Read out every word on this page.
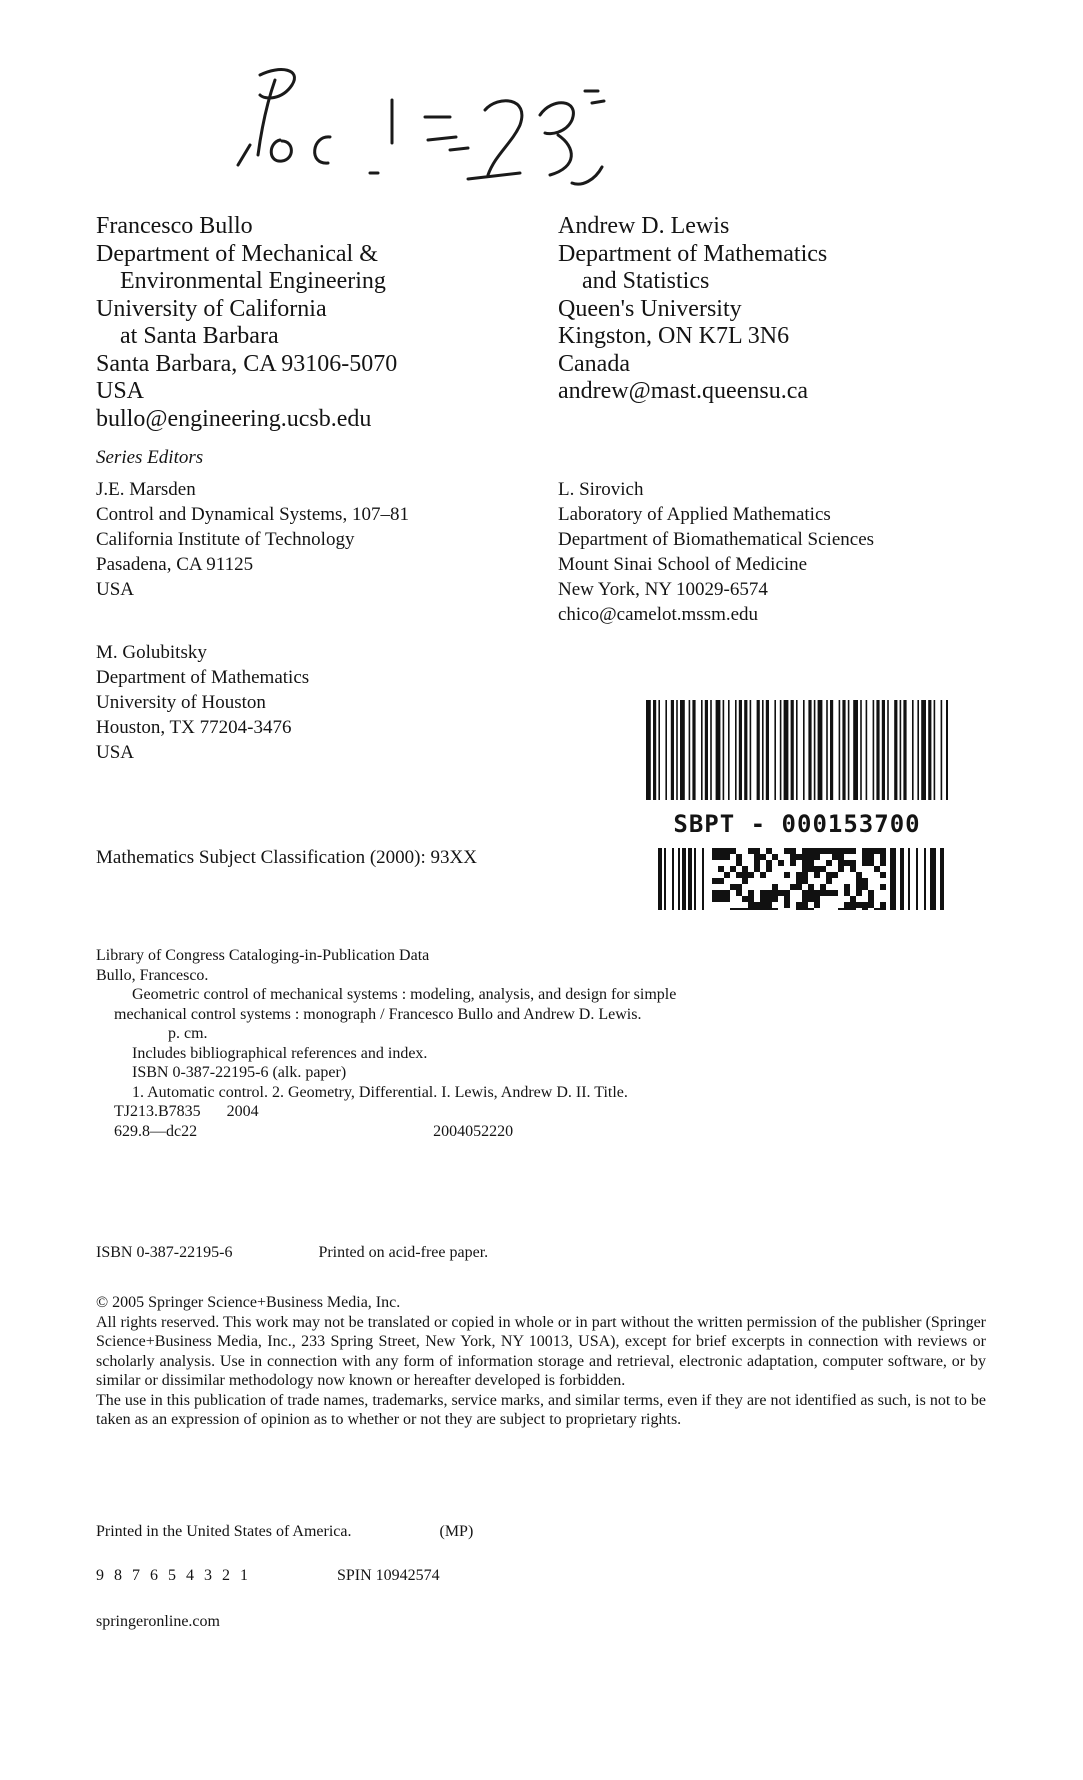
Francesco Bullo
Department of Mechanical &
Environmental Engineering
University of California
at Santa Barbara
Santa Barbara, CA 93106-5070
USA
bullo@engineering.ucsb.edu
Andrew D. Lewis
Department of Mathematics
and Statistics
Queen's University
Kingston, ON K7L 3N6
Canada
andrew@mast.queensu.ca
Series Editors
J.E. Marsden
Control and Dynamical Systems, 107–81
California Institute of Technology
Pasadena, CA 91125
USA
L. Sirovich
Laboratory of Applied Mathematics
Department of Biomathematical Sciences
Mount Sinai School of Medicine
New York, NY 10029-6574
chico@camelot.mssm.edu
M. Golubitsky
Department of Mathematics
University of Houston
Houston, TX 77204-3476
USA
SBPT - 000153700
Mathematics Subject Classification (2000): 93XX
Library of Congress Cataloging-in-Publication Data
Bullo, Francesco.
Geometric control of mechanical systems : modeling, analysis, and design for simple
mechanical control systems : monograph / Francesco Bullo and Andrew D. Lewis.
p. cm.
Includes bibliographical references and index.
ISBN 0-387-22195-6 (alk. paper)
1. Automatic control. 2. Geometry, Differential. I. Lewis, Andrew D. II. Title.
TJ213.B7835 2004
629.8—dc22	2004052220
ISBN 0-387-22195-6	Printed on acid-free paper.

© 2005 Springer Science+Business Media, Inc.

All rights reserved. This work may not be translated or copied in whole or in part without the written permission of the publisher (Springer Science+Business Media, Inc., 233 Spring Street, New York, NY 10013, USA), except for brief excerpts in connection with reviews or scholarly analysis. Use in connection with any form of information storage and retrieval, electronic adaptation, computer software, or by similar or dissimilar methodology now known or hereafter developed is forbidden.

The use in this publication of trade names, trademarks, service marks, and similar terms, even if they are not identified as such, is not to be taken as an expression of opinion as to whether or not they are subject to proprietary rights.

Printed in the United States of America.	(MP)
9 8 7 6 5 4 3 2 1	SPIN 10942574
springeronline.com
